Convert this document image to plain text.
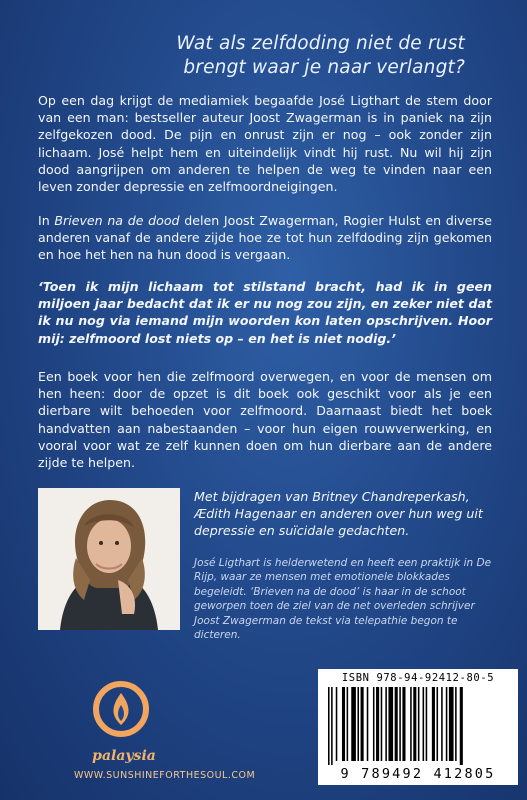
Wat als zelfdoding niet de rust
brengt waar je naar verlangt?
Op een dag krijgt de mediamiek begaafde José Ligthart de stem door van een man: bestseller auteur Joost Zwagerman is in paniek na zijn zelfgekozen dood. De pijn en onrust zijn er nog – ook zonder zijn lichaam. José helpt hem en uiteindelijk vindt hij rust. Nu wil hij zijn dood aangrijpen om anderen te helpen de weg te vinden naar een leven zonder depressie en zelfmoordneigingen.
In Brieven na de dood delen Joost Zwagerman, Rogier Hulst en diverse anderen vanaf de andere zijde hoe ze tot hun zelfdoding zijn gekomen en hoe het hen na hun dood is vergaan.
‘Toen ik mijn lichaam tot stilstand bracht, had ik in geen miljoen jaar bedacht dat ik er nu nog zou zijn, en zeker niet dat ik nu nog via iemand mijn woorden kon laten opschrijven. Hoor mij: zelfmoord lost niets op – en het is niet nodig.’
Een boek voor hen die zelfmoord overwegen, en voor de mensen om hen heen: door de opzet is dit boek ook geschikt voor als je een dierbare wilt behoeden voor zelfmoord. Daarnaast biedt het boek handvatten aan nabestaanden – voor hun eigen rouwverwerking, en vooral voor wat ze zelf kunnen doen om hun dierbare aan de andere zijde te helpen.
Met bijdragen van Britney Chandreperkash, Ædith Hagenaar en anderen over hun weg uit depressie en suïcidale gedachten.
José Ligthart is helderwetend en heeft een praktijk in De Rijp, waar ze mensen met emotionele blokkades begeleidt. ‘Brieven na de dood’ is haar in de schoot geworpen toen de ziel van de net overleden schrijver Joost Zwagerman de tekst via telepathie begon te dicteren.
palaysia
WWW.SUNSHINEFORTHESOUL.COM
ISBN 978-94-92412-80-5
9 789492 412805
